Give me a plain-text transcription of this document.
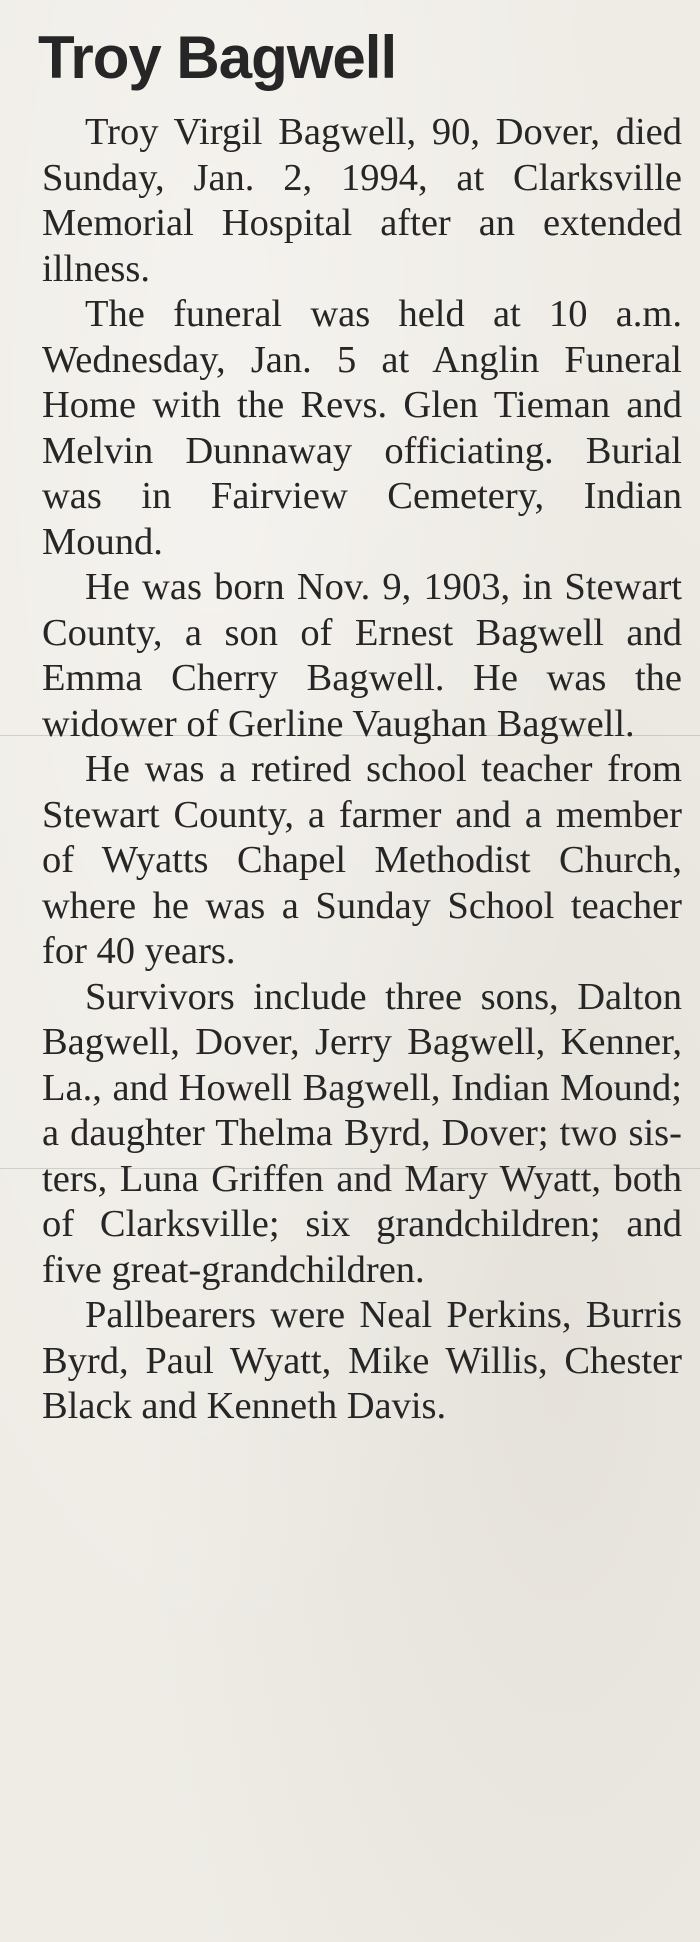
Troy Bagwell

Troy Virgil Bagwell, 90, Dover, died Sunday, Jan. 2, 1994, at Clarksville Memorial Hospital after an extended illness.

The funeral was held at 10 a.m. Wednesday, Jan. 5 at Anglin Funeral Home with the Revs. Glen Tieman and Melvin Dunnaway officiating. Burial was in Fairview Cemetery, Indian Mound.

He was born Nov. 9, 1903, in Stewart County, a son of Ernest Bagwell and Emma Cherry Bagwell. He was the widower of Gerline Vaughan Bagwell.

He was a retired school teacher from Stewart County, a farmer and a member of Wyatts Chapel Methodist Church, where he was a Sunday School teacher for 40 years.

Survivors include three sons, Dalton Bagwell, Dover, Jerry Bagwell, Kenner, La., and Howell Bagwell, Indian Mound; a daughter Thelma Byrd, Dover; two sisters, Luna Griffen and Mary Wyatt, both of Clarksville; six grandchildren; and five great-grandchildren.

Pallbearers were Neal Perkins, Burris Byrd, Paul Wyatt, Mike Willis, Chester Black and Kenneth Davis.
